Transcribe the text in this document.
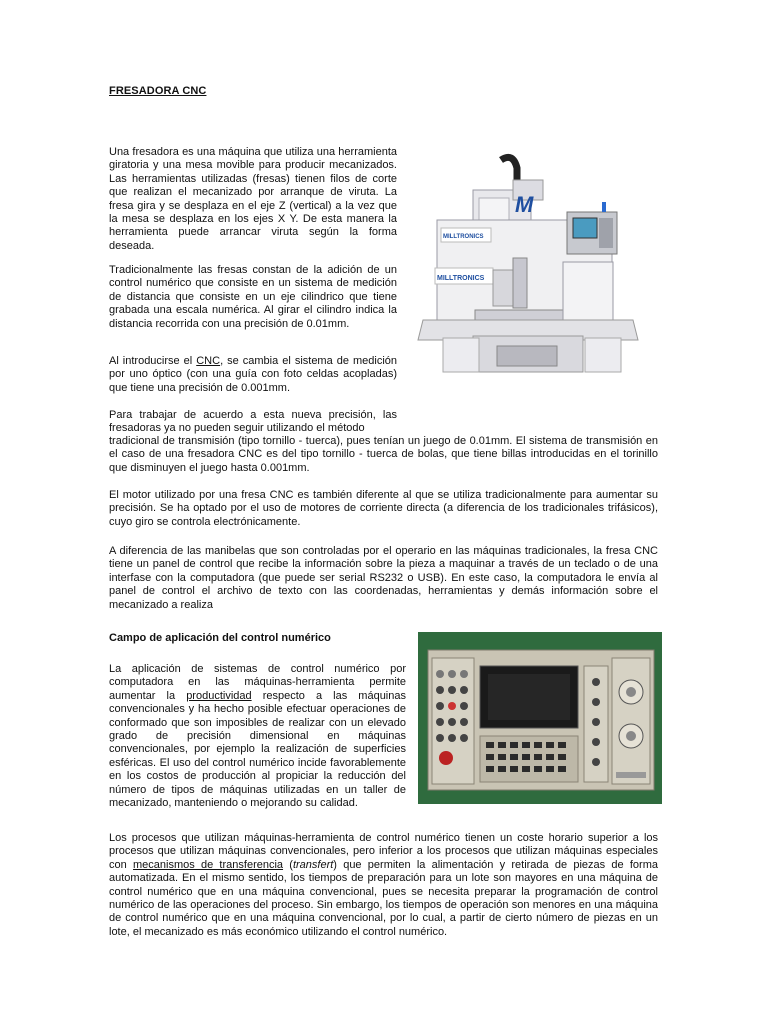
FRESADORA CNC

Una fresadora es una máquina que utiliza una herramienta giratoria y una mesa movible para producir mecanizados. Las herramientas utilizadas (fresas) tienen filos de corte que realizan el mecanizado por arranque de viruta. La fresa gira y se desplaza en el eje Z (vertical) a la vez que la mesa se desplaza en los ejes X Y. De esta manera la herramienta puede arrancar viruta según la forma deseada.

Tradicionalmente las fresas constan de la adición de un control numérico que consiste en un sistema de medición de distancia que consiste en un eje cilindrico que tiene grabada una escala numérica. Al girar el cilindro indica la distancia recorrida con una precisión de 0.01mm.

Al introducirse el CNC, se cambia el sistema de medición por uno óptico (con una guía con foto celdas acopladas) que tiene una precisión de 0.001mm.

Para trabajar de acuerdo a esta nueva precisión, las fresadoras ya no pueden seguir utilizando el método

tradicional de transmisión (tipo tornillo - tuerca), pues tenían un juego de 0.01mm. El sistema de transmisión en el caso de una fresadora CNC es del tipo tornillo - tuerca de bolas, que tiene billas introducidas en el torinillo que disminuyen el juego hasta 0.001mm.

El motor utilizado por una fresa CNC es también diferente al que se utiliza tradicionalmente para aumentar su precisión. Se ha optado por el uso de motores de corriente directa (a diferencia de los tradicionales trifásicos), cuyo giro se controla electrónicamente.

A diferencia de las manibelas que son controladas por el operario en las máquinas tradicionales, la fresa CNC tiene un panel de control que recibe la información sobre la pieza a maquinar a través de un teclado o de una interfase con la computadora (que puede ser serial RS232 o USB). En este caso, la computadora le envía al panel de control el archivo de texto con las coordenadas, herramientas y demás información sobre el mecanizado a realiza

Campo de aplicación del control numérico

La aplicación de sistemas de control numérico por computadora en las máquinas-herramienta permite aumentar la productividad respecto a las máquinas convencionales y ha hecho posible efectuar operaciones de conformado que son imposibles de realizar con un elevado grado de precisión dimensional en máquinas convencionales, por ejemplo la realización de superficies esféricas. El uso del control numérico incide favorablemente en los costos de producción al propiciar la reducción del número de tipos de máquinas utilizadas en un taller de mecanizado, manteniendo o mejorando su calidad.

Los procesos que utilizan máquinas-herramienta de control numérico tienen un coste horario superior a los procesos que utilizan máquinas convencionales, pero inferior a los procesos que utilizan máquinas especiales con mecanismos de transferencia (transfert) que permiten la alimentación y retirada de piezas de forma automatizada. En el mismo sentido, los tiempos de preparación para un lote son mayores en una máquina de control numérico que en una máquina convencional, pues se necesita preparar la programación de control numérico de las operaciones del proceso. Sin embargo, los tiempos de operación son menores en una máquina de control numérico que en una máquina convencional, por lo cual, a partir de cierto número de piezas en un lote, el mecanizado es más económico utilizando el control numérico.

M
MILLTRONICS
MILLTRONICS
